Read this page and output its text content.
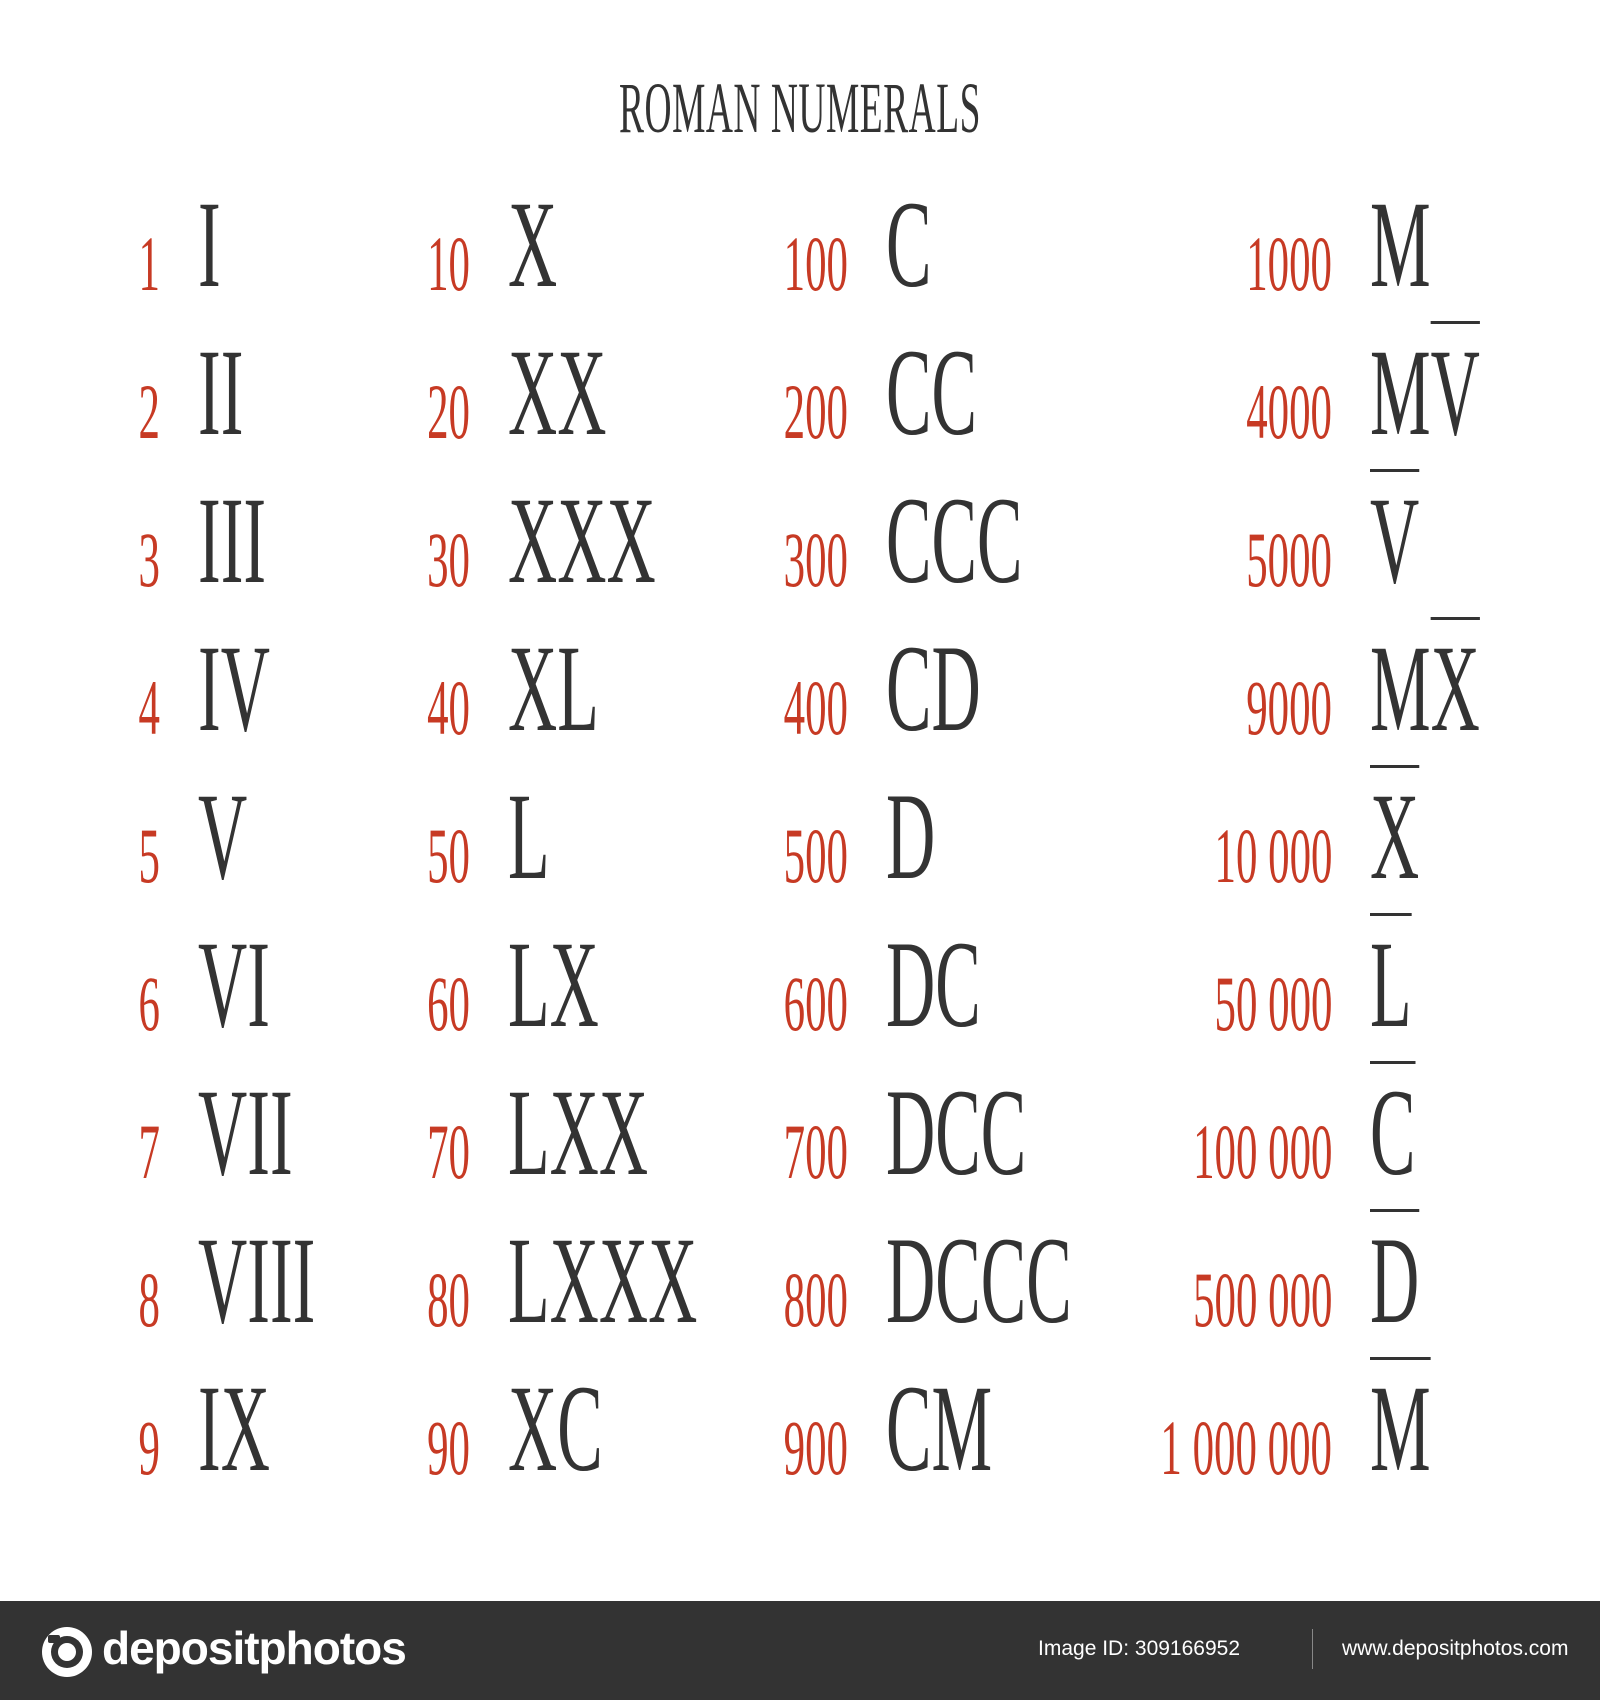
ROMAN NUMERALS
1 I
2 II
3 III
4 IV
5 V
6 VI
7 VII
8 VIII
9 IX
10 X
20 XX
30 XXX
40 XL
50 L
60 LX
70 LXX
80 LXXX
90 XC
100 C
200 CC
300 CCC
400 CD
500 D
600 DC
700 DCC
800 DCCC
900 CM
1000 M
4000 $M\overline{V}$
5000 $\overline{V}$
9000 $M\overline{X}$
10 000 $\overline{X}$
50 000 $\overline{L}$
100 000 $\overline{C}$
500 000 $\overline{D}$
1 000 000 $\overline{M}$
depositphotos	Image ID: 309166952	www.depositphotos.com
